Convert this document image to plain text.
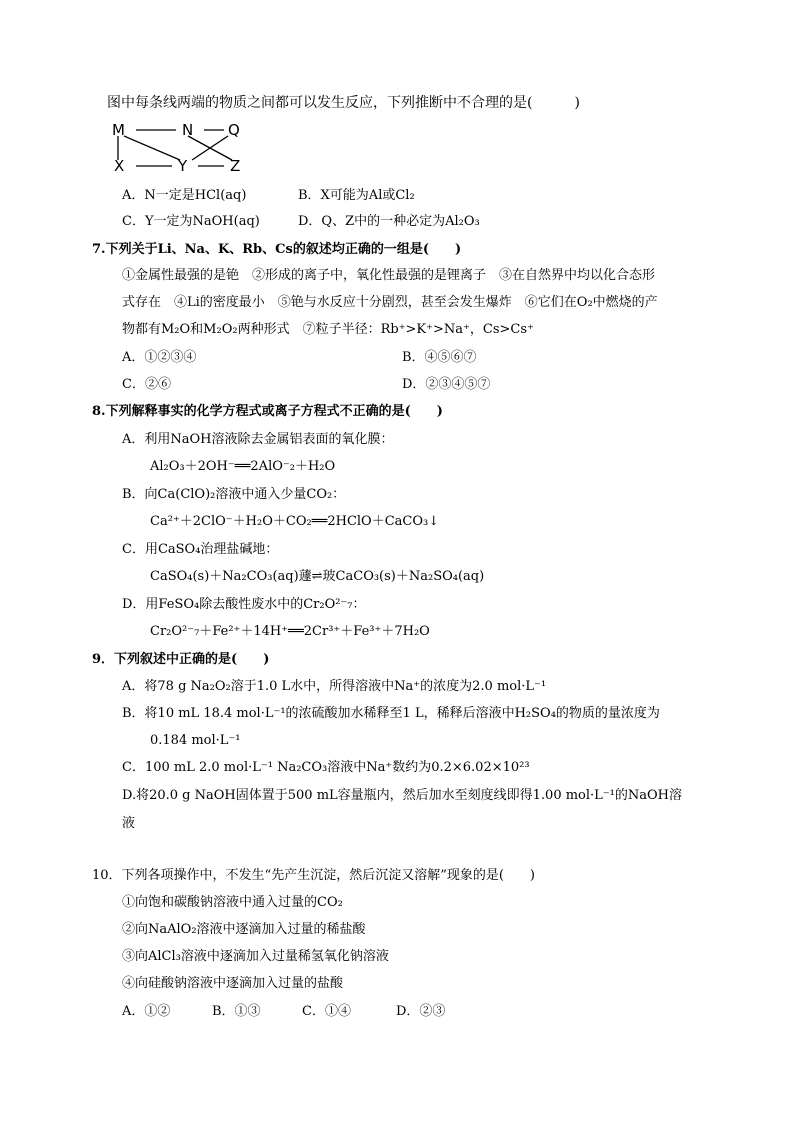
图中每条线两端的物质之间都可以发生反应，下列推断中不合理的是(　　　)
M	N Q
X	Y	Z
A．N一定是HCl(aq)	B．X可能为Al或Cl₂
C．Y一定为NaOH(aq)	D．Q、Z中的一种必定为Al₂O₃
7.下列关于Li、Na、K、Rb、Cs的叙述均正确的一组是(　　)
①金属性最强的是铯　②形成的离子中，氧化性最强的是锂离子　③在自然界中均以化合态形
式存在　④Li的密度最小　⑤铯与水反应十分剧烈，甚至会发生爆炸　⑥它们在O₂中燃烧的产
物都有M₂O和M₂O₂两种形式　⑦粒子半径：Rb⁺>K⁺>Na⁺，Cs>Cs⁺
A．①②③④	B．④⑤⑥⑦
C．②⑥	D．②③④⑤⑦
8.下列解释事实的化学方程式或离子方程式不正确的是(　　)
A．利用NaOH溶液除去金属铝表面的氧化膜：
Al₂O₃＋2OH⁻══2AlO⁻₂＋H₂O
B．向Ca(ClO)₂溶液中通入少量CO₂：
Ca²⁺＋2ClO⁻＋H₂O＋CO₂══2HClO＋CaCO₃↓
C．用CaSO₄治理盐碱地：
CaSO₄(s)＋Na₂CO₃(aq)蘧⇌玻CaCO₃(s)＋Na₂SO₄(aq)
D．用FeSO₄除去酸性废水中的Cr₂O²⁻₇：
Cr₂O²⁻₇＋Fe²⁺＋14H⁺══2Cr³⁺＋Fe³⁺＋7H₂O
9．下列叙述中正确的是(　　)
A．将78 g Na₂O₂溶于1.0 L水中，所得溶液中Na⁺的浓度为2.0 mol·L⁻¹
B．将10 mL 18.4 mol·L⁻¹的浓硫酸加水稀释至1 L，稀释后溶液中H₂SO₄的物质的量浓度为
0.184 mol·L⁻¹
C．100 mL 2.0 mol·L⁻¹ Na₂CO₃溶液中Na⁺数约为0.2×6.02×10²³
D.将20.0 g NaOH固体置于500 mL容量瓶内，然后加水至刻度线即得1.00 mol·L⁻¹的NaOH溶
液
10．下列各项操作中，不发生“先产生沉淀，然后沉淀又溶解”现象的是(　　)
①向饱和碳酸钠溶液中通入过量的CO₂
②向NaAlO₂溶液中逐滴加入过量的稀盐酸
③向AlCl₃溶液中逐滴加入过量稀氢氧化钠溶液
④向硅酸钠溶液中逐滴加入过量的盐酸
A．①②	B．①③	C．①④	D．②③
